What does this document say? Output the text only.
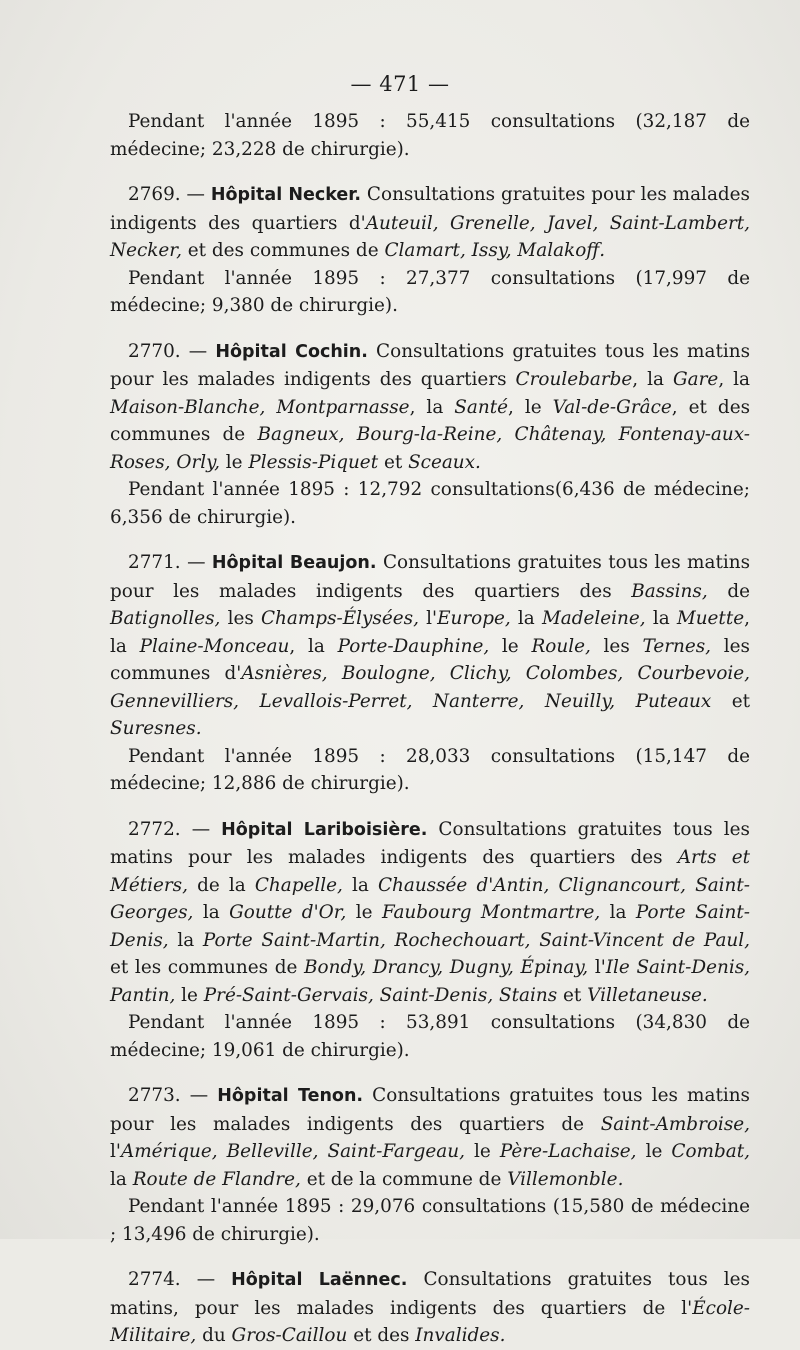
— 471 —

Pendant l'année 1895 : 55,415 consultations (32,187 de médecine; 23,228 de chirurgie).

2769. — Hôpital Necker. Consultations gratuites pour les malades indigents des quartiers d'Auteuil, Grenelle, Javel, Saint-Lambert, Necker, et des communes de Clamart, Issy, Malakoff.

Pendant l'année 1895 : 27,377 consultations (17,997 de médecine; 9,380 de chirurgie).

2770. — Hôpital Cochin. Consultations gratuites tous les matins pour les malades indigents des quartiers Croulebarbe, la Gare, la Maison-Blanche, Montparnasse, la Santé, le Val-de-Grâce, et des communes de Bagneux, Bourg-la-Reine, Châtenay, Fontenay-aux-Roses, Orly, le Plessis-Piquet et Sceaux.

Pendant l'année 1895 : 12,792 consultations(6,436 de médecine; 6,356 de chirurgie).

2771. — Hôpital Beaujon. Consultations gratuites tous les matins pour les malades indigents des quartiers des Bassins, de Batignolles, les Champs-Élysées, l'Europe, la Madeleine, la Muette, la Plaine-Monceau, la Porte-Dauphine, le Roule, les Ternes, les communes d'Asnières, Boulogne, Clichy, Colombes, Courbevoie, Gennevilliers, Levallois-Perret, Nanterre, Neuilly, Puteaux et Suresnes.

Pendant l'année 1895 : 28,033 consultations (15,147 de médecine; 12,886 de chirurgie).

2772. — Hôpital Lariboisière. Consultations gratuites tous les matins pour les malades indigents des quartiers des Arts et Métiers, de la Chapelle, la Chaussée d'Antin, Clignancourt, Saint-Georges, la Goutte d'Or, le Faubourg Montmartre, la Porte Saint-Denis, la Porte Saint-Martin, Rochechouart, Saint-Vincent de Paul, et les communes de Bondy, Drancy, Dugny, Épinay, l'Ile Saint-Denis, Pantin, le Pré-Saint-Gervais, Saint-Denis, Stains et Villetaneuse.

Pendant l'année 1895 : 53,891 consultations (34,830 de médecine; 19,061 de chirurgie).

2773. — Hôpital Tenon. Consultations gratuites tous les matins pour les malades indigents des quartiers de Saint-Ambroise, l'Amérique, Belleville, Saint-Fargeau, le Père-Lachaise, le Combat, la Route de Flandre, et de la commune de Villemonble.

Pendant l'année 1895 : 29,076 consultations (15,580 de médecine ; 13,496 de chirurgie).

2774. — Hôpital Laënnec. Consultations gratuites tous les matins, pour les malades indigents des quartiers de l'École-Militaire, du Gros-Caillou et des Invalides.
